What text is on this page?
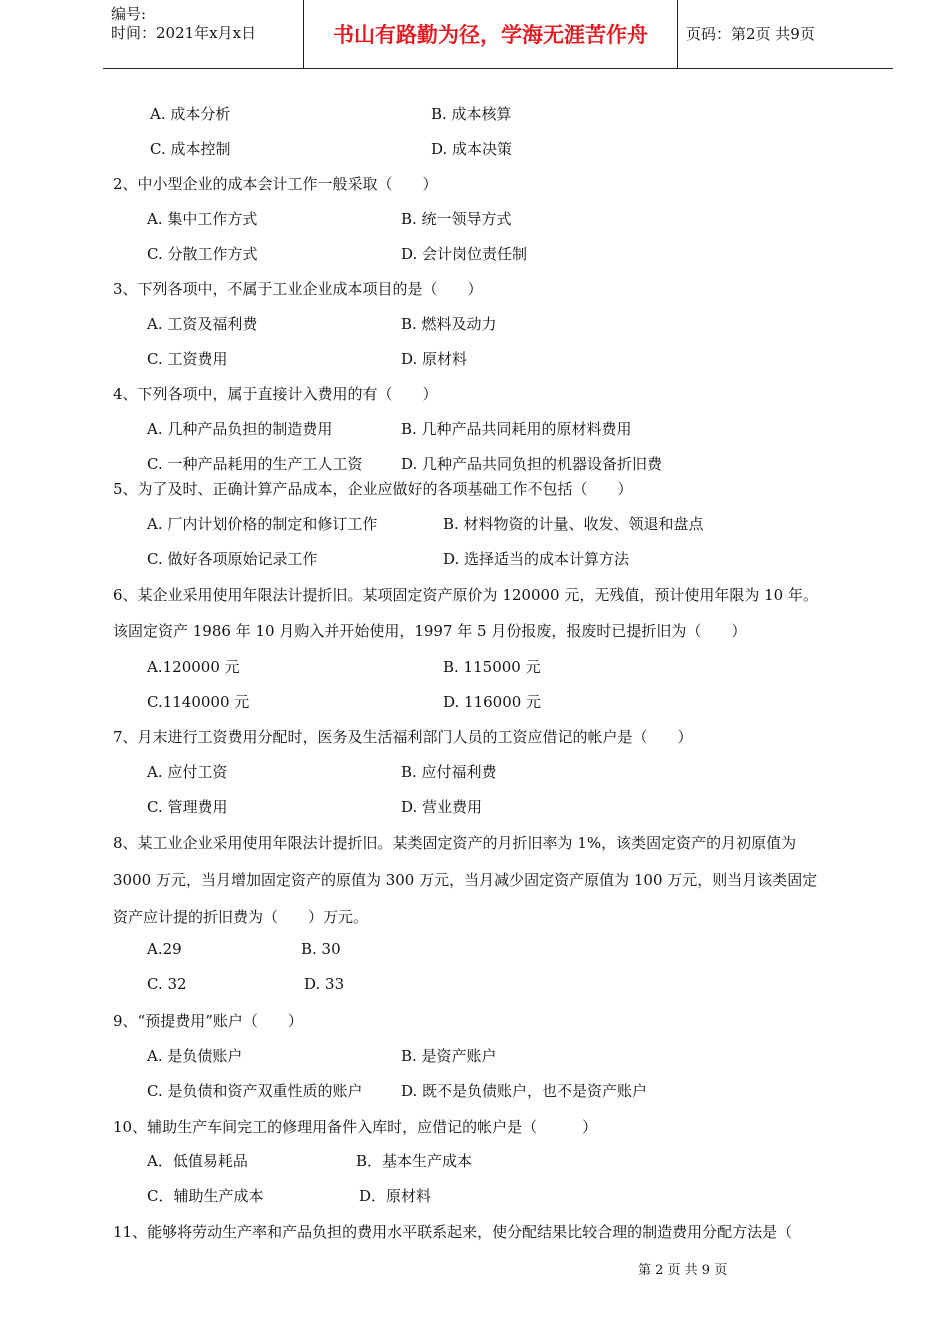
编号:
时间：2021年x月x日	书山有路勤为径，学海无涯苦作舟	页码：第2页 共9页
A. 成本分析	B. 成本核算
C. 成本控制	D. 成本决策
2、中小型企业的成本会计工作一般采取（　　）
A. 集中工作方式	B. 统一领导方式
C. 分散工作方式	D. 会计岗位责任制
3、下列各项中，不属于工业企业成本项目的是（　　）
A. 工资及福利费	B. 燃料及动力
C. 工资费用	D. 原材料
4、下列各项中，属于直接计入费用的有（　　）
A. 几种产品负担的制造费用	B. 几种产品共同耗用的原材料费用
C. 一种产品耗用的生产工人工资	D. 几种产品共同负担的机器设备折旧费
5、为了及时、正确计算产品成本，企业应做好的各项基础工作不包括（　　）
A. 厂内计划价格的制定和修订工作	B. 材料物资的计量、收发、领退和盘点
C. 做好各项原始记录工作	D. 选择适当的成本计算方法
6、某企业采用使用年限法计提折旧。某项固定资产原价为 120000 元，无残值，预计使用年限为 10 年。
该固定资产 1986 年 10 月购入并开始使用，1997 年 5 月份报废，报废时已提折旧为（　　）
A.120000 元	B. 115000 元
C.1140000 元	D. 116000 元
7、月末进行工资费用分配时，医务及生活福利部门人员的工资应借记的帐户是（　　）
A. 应付工资	B. 应付福利费
C. 管理费用	D. 营业费用
8、某工业企业采用使用年限法计提折旧。某类固定资产的月折旧率为 1%，该类固定资产的月初原值为
3000 万元，当月增加固定资产的原值为 300 万元，当月减少固定资产原值为 100 万元，则当月该类固定
资产应计提的折旧费为（　　）万元。
A.29	B. 30
C. 32	D. 33
9、“预提费用”账户（　　）
A. 是负债账户	B. 是资产账户
C. 是负债和资产双重性质的账户	D. 既不是负债账户，也不是资产账户
10、辅助生产车间完工的修理用备件入库时，应借记的帐户是（　　　）
A．低值易耗品	B．基本生产成本
C．辅助生产成本	D．原材料
11、能够将劳动生产率和产品负担的费用水平联系起来，使分配结果比较合理的制造费用分配方法是（
第 2 页 共 9 页
